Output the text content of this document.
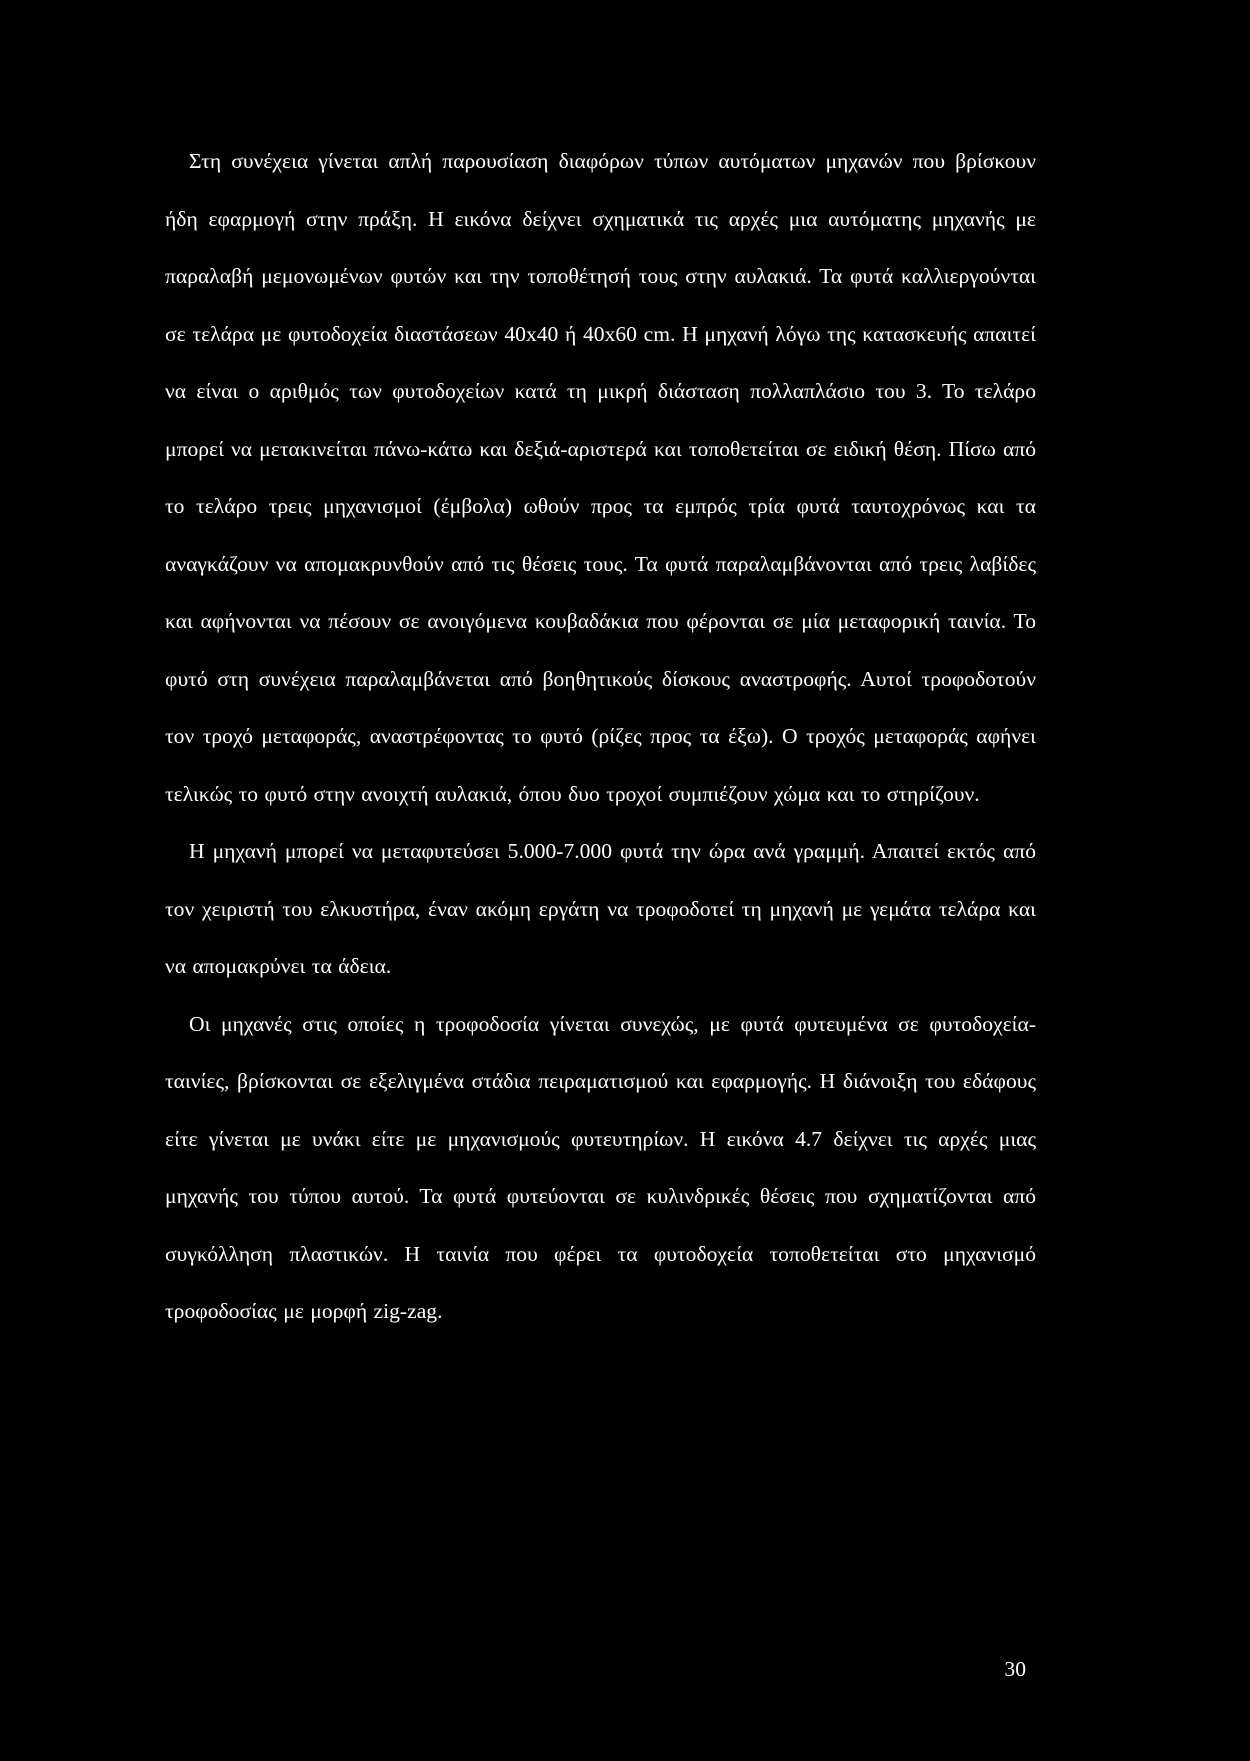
Στη συνέχεια γίνεται απλή παρουσίαση διαφόρων τύπων αυτόματων μηχανών που βρίσκουν ήδη εφαρμογή στην πράξη. Η εικόνα δείχνει σχηματικά τις αρχές μια αυτόματης μηχανής με παραλαβή μεμονωμένων φυτών και την τοποθέτησή τους στην αυλακιά. Τα φυτά καλλιεργούνται σε τελάρα με φυτοδοχεία διαστάσεων 40x40 ή 40x60 cm. Η μηχανή λόγω της κατασκευής απαιτεί να είναι ο αριθμός των φυτοδοχείων κατά τη μικρή διάσταση πολλαπλάσιο του 3. Το τελάρο μπορεί να μετακινείται πάνω-κάτω και δεξιά-αριστερά και τοποθετείται σε ειδική θέση. Πίσω από το τελάρο τρεις μηχανισμοί (έμβολα) ωθούν προς τα εμπρός τρία φυτά ταυτοχρόνως και τα αναγκάζουν να απομακρυνθούν από τις θέσεις τους. Τα φυτά παραλαμβάνονται από τρεις λαβίδες και αφήνονται να πέσουν σε ανοιγόμενα κουβαδάκια που φέρονται σε μία μεταφορική ταινία. Το φυτό στη συνέχεια παραλαμβάνεται από βοηθητικούς δίσκους αναστροφής. Αυτοί τροφοδοτούν τον τροχό μεταφοράς, αναστρέφοντας το φυτό (ρίζες προς τα έξω). Ο τροχός μεταφοράς αφήνει τελικώς το φυτό στην ανοιχτή αυλακιά, όπου δυο τροχοί συμπιέζουν χώμα και το στηρίζουν.

Η μηχανή μπορεί να μεταφυτεύσει 5.000-7.000 φυτά την ώρα ανά γραμμή. Απαιτεί εκτός από τον χειριστή του ελκυστήρα, έναν ακόμη εργάτη να τροφοδοτεί τη μηχανή με γεμάτα τελάρα και να απομακρύνει τα άδεια.

Οι μηχανές στις οποίες η τροφοδοσία γίνεται συνεχώς, με φυτά φυτευμένα σε φυτοδοχεία-ταινίες, βρίσκονται σε εξελιγμένα στάδια πειραματισμού και εφαρμογής. Η διάνοιξη του εδάφους είτε γίνεται με υνάκι είτε με μηχανισμούς φυτευτηρίων. Η εικόνα 4.7 δείχνει τις αρχές μιας μηχανής του τύπου αυτού. Τα φυτά φυτεύονται σε κυλινδρικές θέσεις που σχηματίζονται από συγκόλληση πλαστικών. Η ταινία που φέρει τα φυτοδοχεία τοποθετείται στο μηχανισμό τροφοδοσίας με μορφή zig-zag.

30
